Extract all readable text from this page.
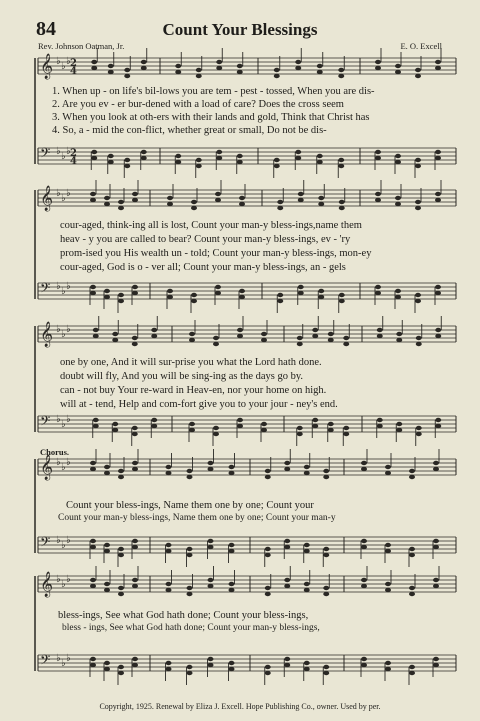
84	Count Your Blessings
Rev. Johnson Oatman, Jr.	E. O. Excell
𝄞 ♭ ♭ ♭
𝄢 ♭ ♭ ♭
𝄞 ♭ ♭ ♭
𝄢 ♭ ♭ ♭
𝄞 ♭ ♭ ♭
𝄢 ♭ ♭ ♭
𝄞 ♭ ♭ ♭
𝄢 ♭ ♭ ♭
𝄞 ♭ ♭ ♭
𝄢 ♭ ♭ ♭
2
2
4
4
1. When up - on life's bil-lows you are tem - pest - tossed, When you are dis-
2. Are you ev - er bur-dened with a load of care? Does the cross seem
3. When you look at oth-ers with their lands and gold, Think that Christ has
4. So, a - mid the con-flict, whether great or small, Do not be dis-
cour-aged, think-ing all is lost, Count your man-y bless-ings,name them
heav - y you are called to bear? Count your man-y bless-ings, ev - 'ry
prom-ised you His wealth un - told; Count your man-y bless-ings, mon-ey
cour-aged, God is o - ver all; Count your man-y bless-ings, an - gels
one by one, And it will sur-prise you what the Lord hath done.
doubt will fly, And you will be sing-ing as the days go by.
can - not buy Your re-ward in Heav-en, nor your home on high.
will at - tend, Help and com-fort give you to your jour - ney's end.
Chorus.
Count your bless-ings, Name them one by one; Count your
Count your man-y bless-ings, Name them one by one; Count your man-y
bless-ings, See what God hath done; Count your bless-ings,
bless - ings, See what God hath done; Count your man-y bless-ings,
Copyright, 1925. Renewal by Eliza J. Excell. Hope Publishing Co., owner. Used by per.
